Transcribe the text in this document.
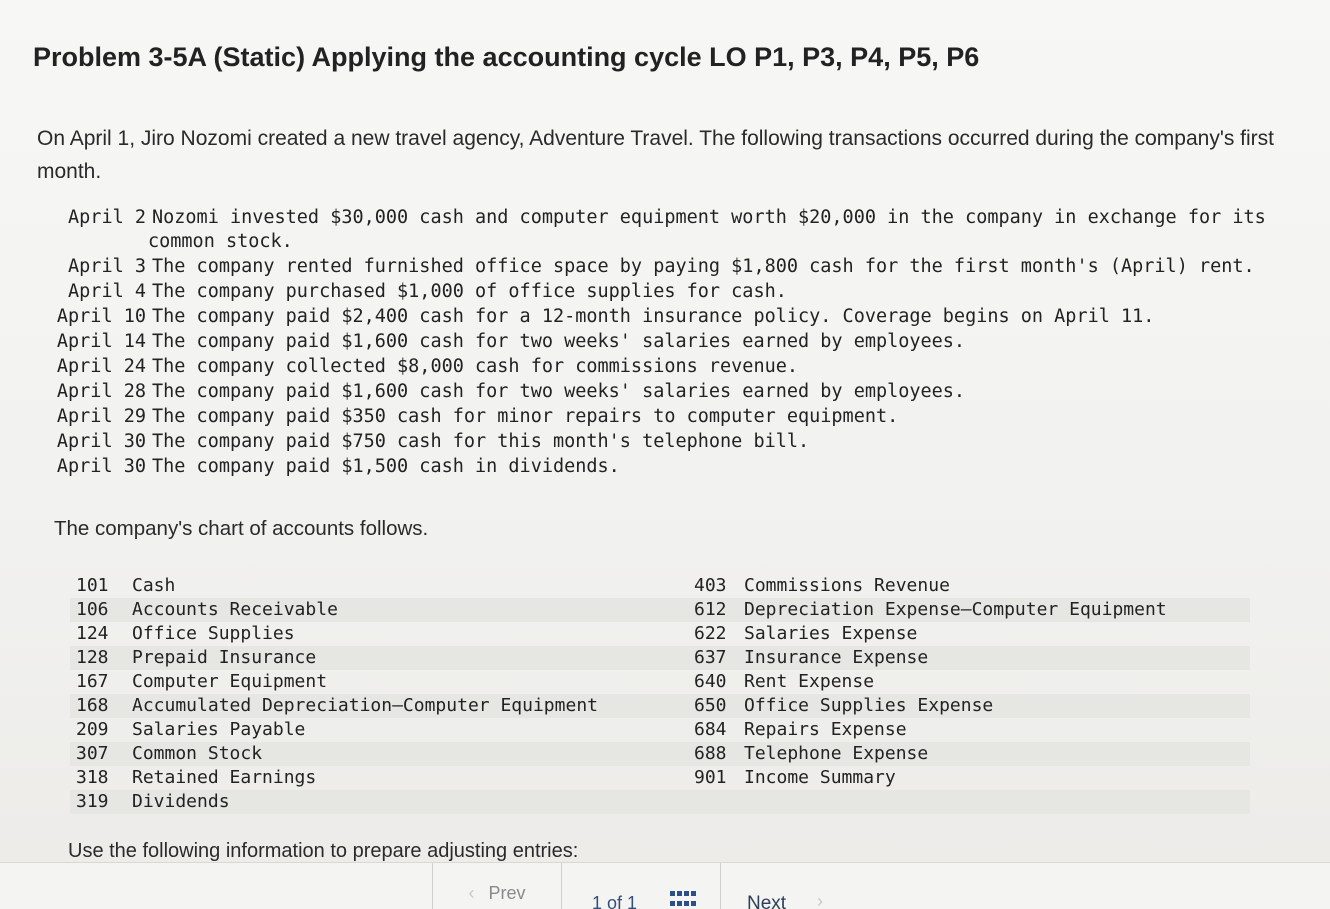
Problem 3-5A (Static) Applying the accounting cycle LO P1, P3, P4, P5, P6
On April 1, Jiro Nozomi created a new travel agency, Adventure Travel. The following transactions occurred during the company's first month.
April 2 Nozomi invested $30,000 cash and computer equipment worth $20,000 in the company in exchange for its
common stock.
April 3 The company rented furnished office space by paying $1,800 cash for the first month's (April) rent.
April 4 The company purchased $1,000 of office supplies for cash.
April 10 The company paid $2,400 cash for a 12-month insurance policy. Coverage begins on April 11.
April 14 The company paid $1,600 cash for two weeks' salaries earned by employees.
April 24 The company collected $8,000 cash for commissions revenue.
April 28 The company paid $1,600 cash for two weeks' salaries earned by employees.
April 29 The company paid $350 cash for minor repairs to computer equipment.
April 30 The company paid $750 cash for this month's telephone bill.
April 30 The company paid $1,500 cash in dividends.
The company's chart of accounts follows.
101	Cash	403 Commissions Revenue
106	Accounts Receivable	612 Depreciation Expense—Computer Equipment
124	Office Supplies	622 Salaries Expense
128	Prepaid Insurance	637 Insurance Expense
167	Computer Equipment	640 Rent Expense
168	Accumulated Depreciation—Computer Equipment	650 Office Supplies Expense
209	Salaries Payable	684 Repairs Expense
307	Common Stock	688 Telephone Expense
318	Retained Earnings	901 Income Summary
319	Dividends
Use the following information to prepare adjusting entries:
‹ Prev	1 of 1	Next ›
